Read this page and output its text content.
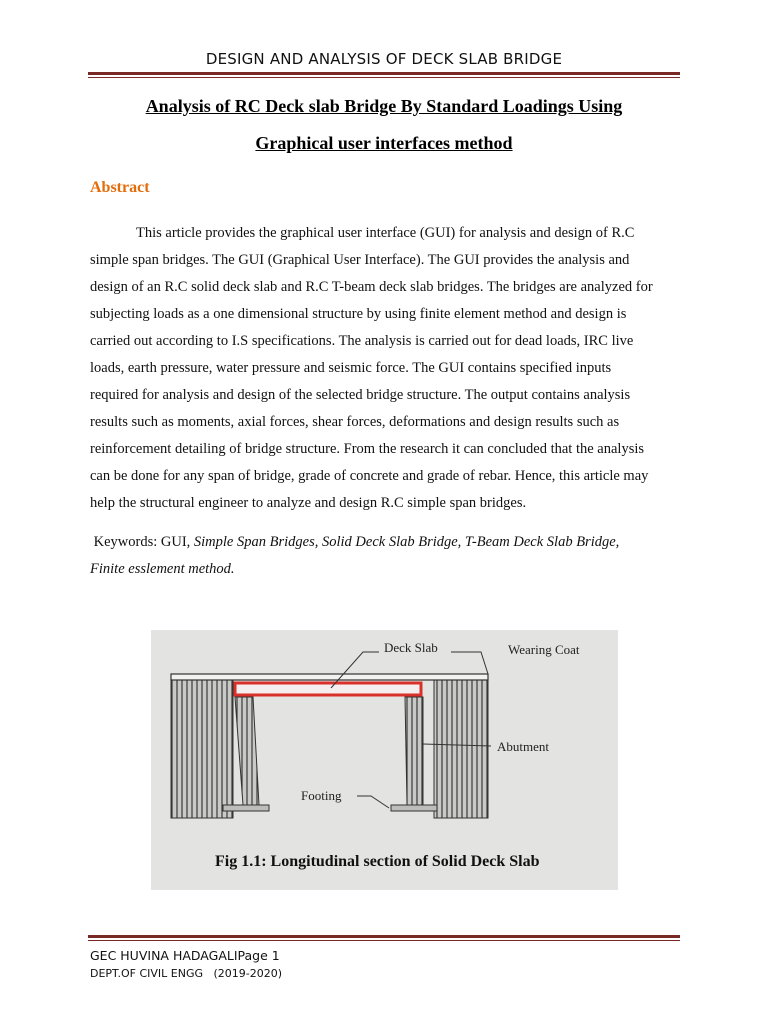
DESIGN AND ANALYSIS OF DECK SLAB BRIDGE
Analysis of RC Deck slab Bridge By Standard Loadings Using
Graphical user interfaces method
Abstract
This article provides the graphical user interface (GUI) for analysis and design of R.C
simple span bridges. The GUI (Graphical User Interface). The GUI provides the analysis and
design of an R.C solid deck slab and R.C T-beam deck slab bridges. The bridges are analyzed for
subjecting loads as a one dimensional structure by using finite element method and design is
carried out according to I.S specifications. The analysis is carried out for dead loads, IRC live
loads, earth pressure, water pressure and seismic force. The GUI contains specified inputs
required for analysis and design of the selected bridge structure. The output contains analysis
results such as moments, axial forces, shear forces, deformations and design results such as
reinforcement detailing of bridge structure. From the research it can concluded that the analysis
can be done for any span of bridge, grade of concrete and grade of rebar. Hence, this article may
help the structural engineer to analyze and design R.C simple span bridges.
Keywords: GUI, Simple Span Bridges, Solid Deck Slab Bridge, T-Beam Deck Slab Bridge,
Finite esslement method.
Deck Slab	Wearing Coat
Abutment
Footing
Fig 1.1: Longitudinal section of Solid Deck Slab
GEC HUVINA HADAGALIPage 1
DEPT.OF CIVIL ENGG   (2019-2020)
